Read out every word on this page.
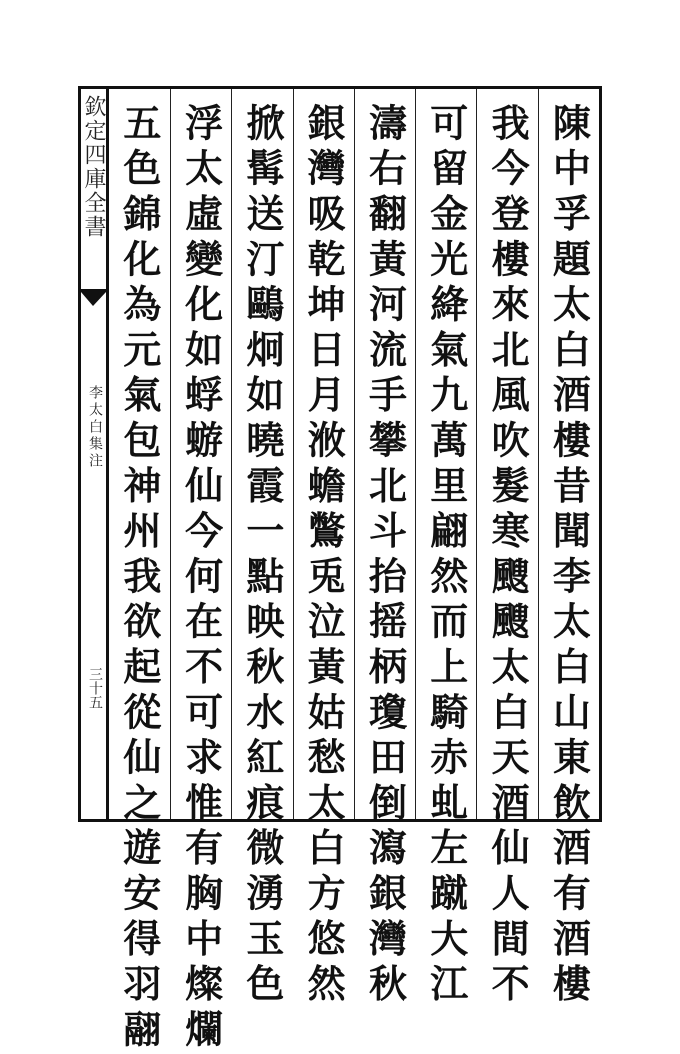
欽定四庫全書
李太白集注
三十五	陳中孚題太白酒樓昔聞李太白山東飲酒有酒樓
我今登樓來北風吹髮寒颼颼太白天酒仙人間不
可留金光絳氣九萬里翩然而上騎赤虬左蹴大江
濤右翻黃河流手攀北斗抬摇柄瓊田倒瀉銀灣秋
銀灣吸乾坤日月浟蟾鷩兎泣黃姑愁太白方悠然
掀髯送汀鷗炯如曉霞一點映秋水紅痕微湧玉色
浮太虛變化如蜉蝣仙今何在不可求惟有胸中燦爛
五色錦化為元氣包神州我欲起從仙之遊安得羽翮
